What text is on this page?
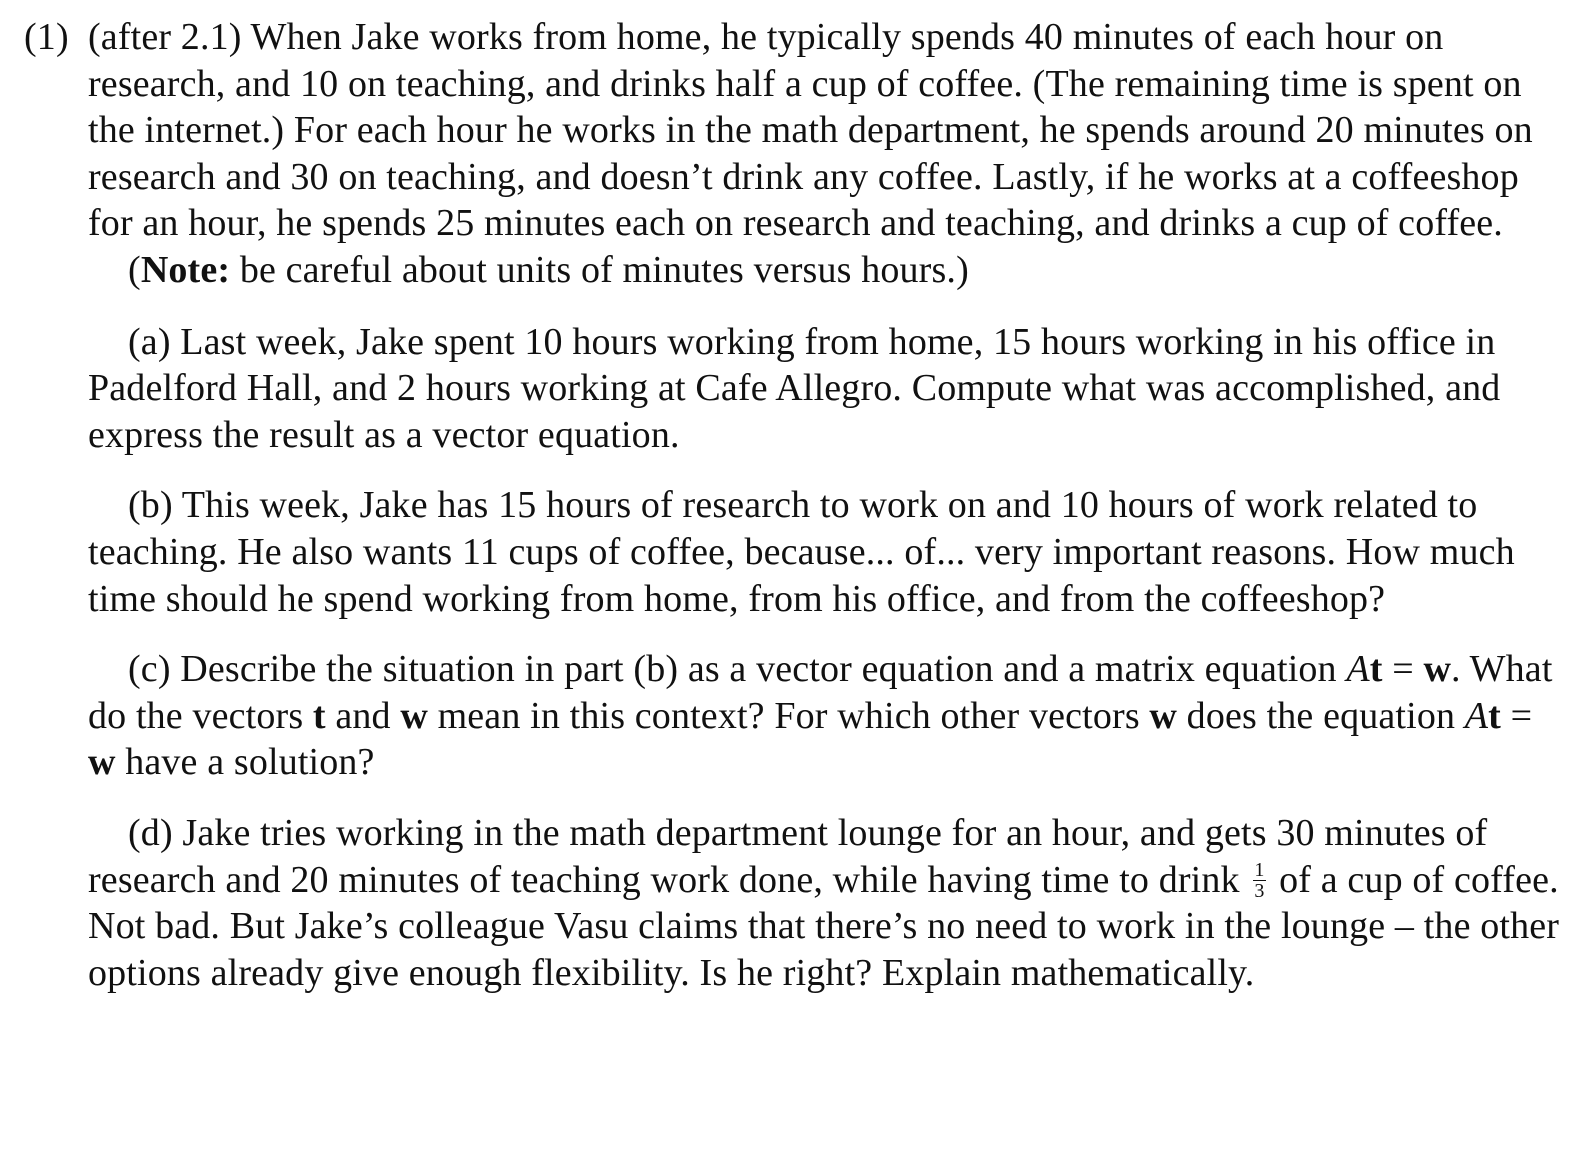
(1) (after 2.1) When Jake works from home, he typically spends 40 minutes of each hour on research, and 10 on teaching, and drinks half a cup of coffee. (The remaining time is spent on the internet.) For each hour he works in the math department, he spends around 20 minutes on research and 30 on teaching, and doesn’t drink any coffee. Lastly, if he works at a coffeeshop for an hour, he spends 25 minutes each on research and teaching, and drinks a cup of coffee.

(Note: be careful about units of minutes versus hours.)

(a) Last week, Jake spent 10 hours working from home, 15 hours working in his office in Padelford Hall, and 2 hours working at Cafe Allegro. Compute what was accomplished, and express the result as a vector equation.

(b) This week, Jake has 15 hours of research to work on and 10 hours of work related to teaching. He also wants 11 cups of coffee, because... of... very important reasons. How much time should he spend working from home, from his office, and from the coffeeshop?

(c) Describe the situation in part (b) as a vector equation and a matrix equation At = w. What do the vectors t and w mean in this context? For which other vectors w does the equation At = w have a solution?

(d) Jake tries working in the math department lounge for an hour, and gets 30 minutes of research and 20 minutes of teaching work done, while having time to drink $\frac{1}{3}$ of a cup of coffee. Not bad. But Jake’s colleague Vasu claims that there’s no need to work in the lounge – the other options already give enough flexibility. Is he right? Explain mathematically.
